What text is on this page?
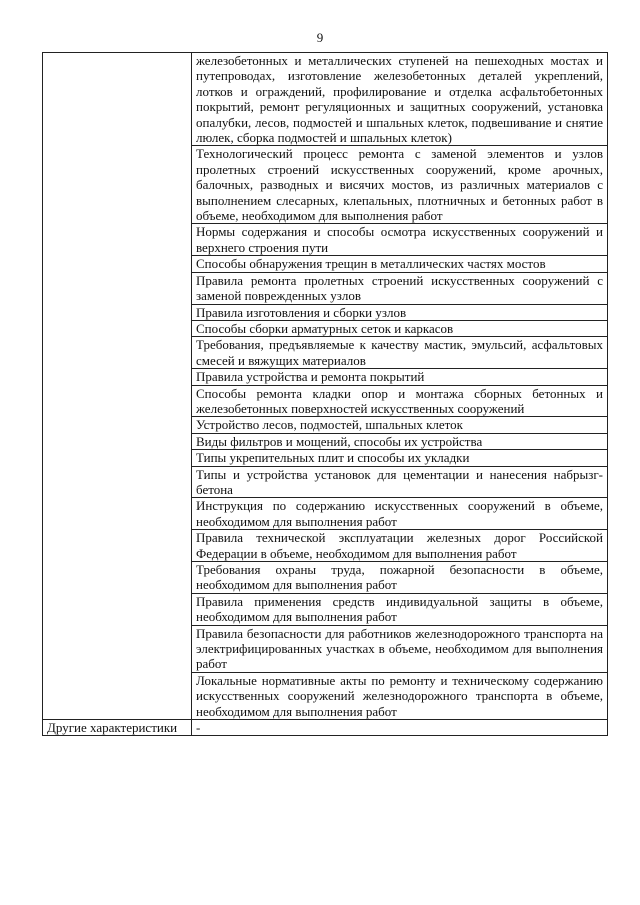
9
	железобетонных и металлических ступеней на пешеходных мостах и путепроводах, изготовление железобетонных деталей укреплений, лотков и ограждений, профилирование и отделка асфальтобетонных покрытий, ремонт регуляционных и защитных сооружений, установка опалубки, лесов, подмостей и шпальных клеток, подвешивание и снятие люлек, сборка подмостей и шпальных клеток)
	Технологический процесс ремонта с заменой элементов и узлов пролетных строений искусственных сооружений, кроме арочных, балочных, разводных и висячих мостов, из различных материалов с выполнением слесарных, клепальных, плотничных и бетонных работ в объеме, необходимом для выполнения работ
	Нормы содержания и способы осмотра искусственных сооружений и верхнего строения пути
	Способы обнаружения трещин в металлических частях мостов
	Правила ремонта пролетных строений искусственных сооружений с заменой поврежденных узлов
	Правила изготовления и сборки узлов
	Способы сборки арматурных сеток и каркасов
	Требования, предъявляемые к качеству мастик, эмульсий, асфальтовых смесей и вяжущих материалов
	Правила устройства и ремонта покрытий
	Способы ремонта кладки опор и монтажа сборных бетонных и железобетонных поверхностей искусственных сооружений
	Устройство лесов, подмостей, шпальных клеток
	Виды фильтров и мощений, способы их устройства
	Типы укрепительных плит и способы их укладки
	Типы и устройства установок для цементации и нанесения набрызг-бетона
	Инструкция по содержанию искусственных сооружений в объеме, необходимом для выполнения работ
	Правила технической эксплуатации железных дорог Российской Федерации в объеме, необходимом для выполнения работ
	Требования охраны труда, пожарной безопасности в объеме, необходимом для выполнения работ
	Правила применения средств индивидуальной защиты в объеме, необходимом для выполнения работ
	Правила безопасности для работников железнодорожного транспорта на электрифицированных участках в объеме, необходимом для выполнения работ
	Локальные нормативные акты по ремонту и техническому содержанию искусственных сооружений железнодорожного транспорта в объеме, необходимом для выполнения работ
Другие характеристики	-
